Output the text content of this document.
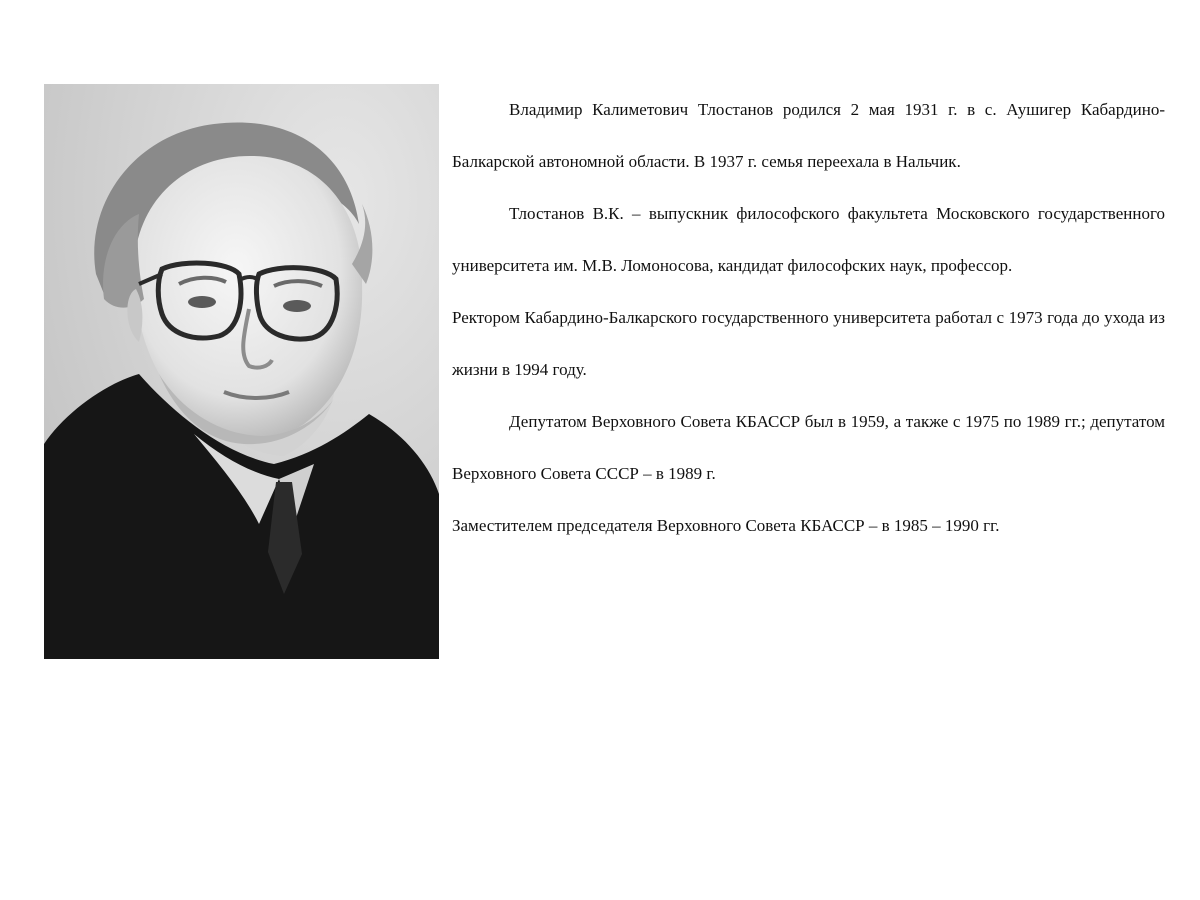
Владимир Калиметович Тлостанов родился 2 мая 1931 г. в с. Аушигер Кабардино-Балкарской автономной области. В 1937 г. семья переехала в Нальчик.

Тлостанов В.К. – выпускник философского факультета Московского государственного университета им. М.В. Ломоносова, кандидат философских наук, профессор.

Ректором Кабардино-Балкарского государственного университета работал с 1973 года до ухода из жизни в 1994 году.

Депутатом Верховного Совета КБАССР был в 1959, а также с 1975 по 1989 гг.; депутатом Верховного Совета СССР – в 1989 г.

Заместителем председателя Верховного Совета КБАССР – в 1985 – 1990 гг.
